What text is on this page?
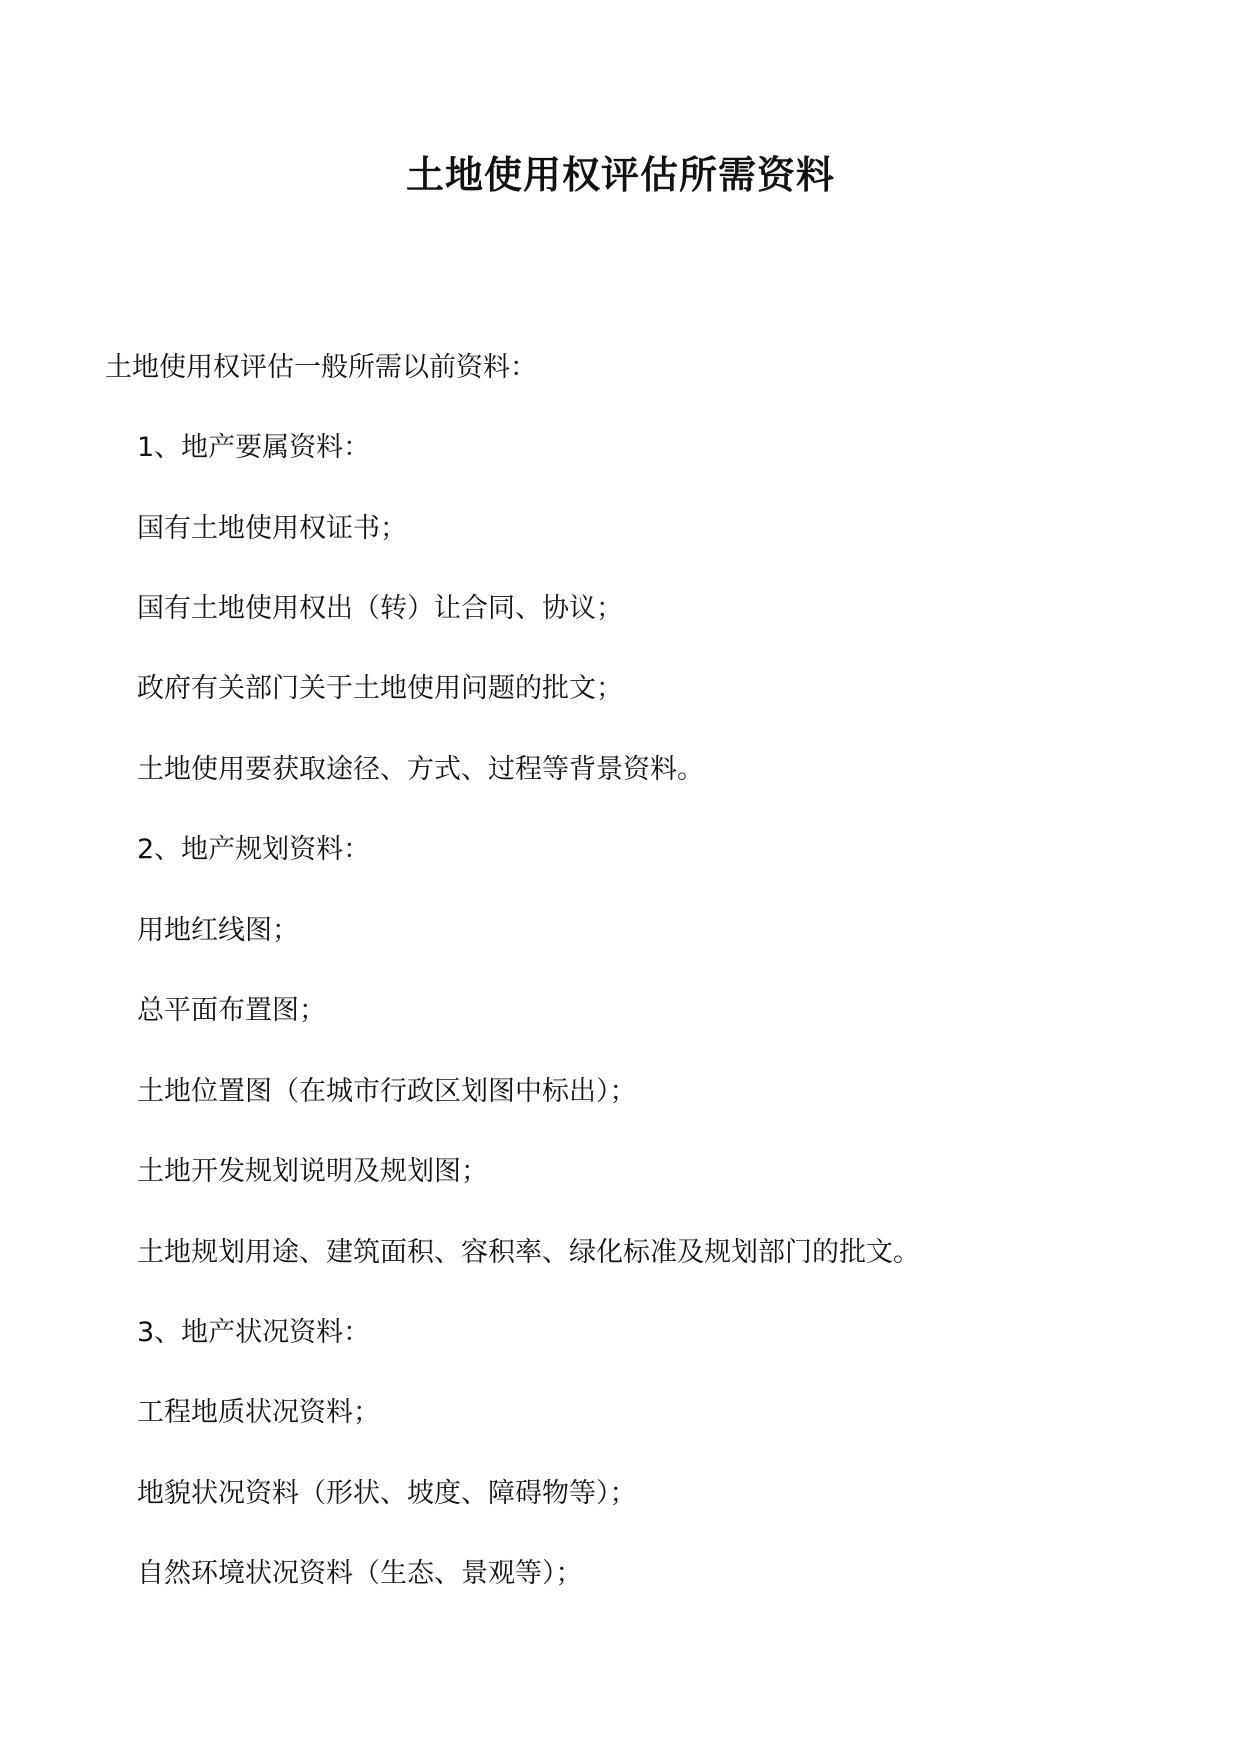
土地使用权评估所需资料

土地使用权评估一般所需以前资料：

1、地产要属资料：

国有土地使用权证书；

国有土地使用权出（转）让合同、协议；

政府有关部门关于土地使用问题的批文；

土地使用要获取途径、方式、过程等背景资料。

2、地产规划资料：

用地红线图；

总平面布置图；

土地位置图（在城市行政区划图中标出）；

土地开发规划说明及规划图；

土地规划用途、建筑面积、容积率、绿化标准及规划部门的批文。

3、地产状况资料：

工程地质状况资料；

地貌状况资料（形状、坡度、障碍物等）；

自然环境状况资料（生态、景观等）；
